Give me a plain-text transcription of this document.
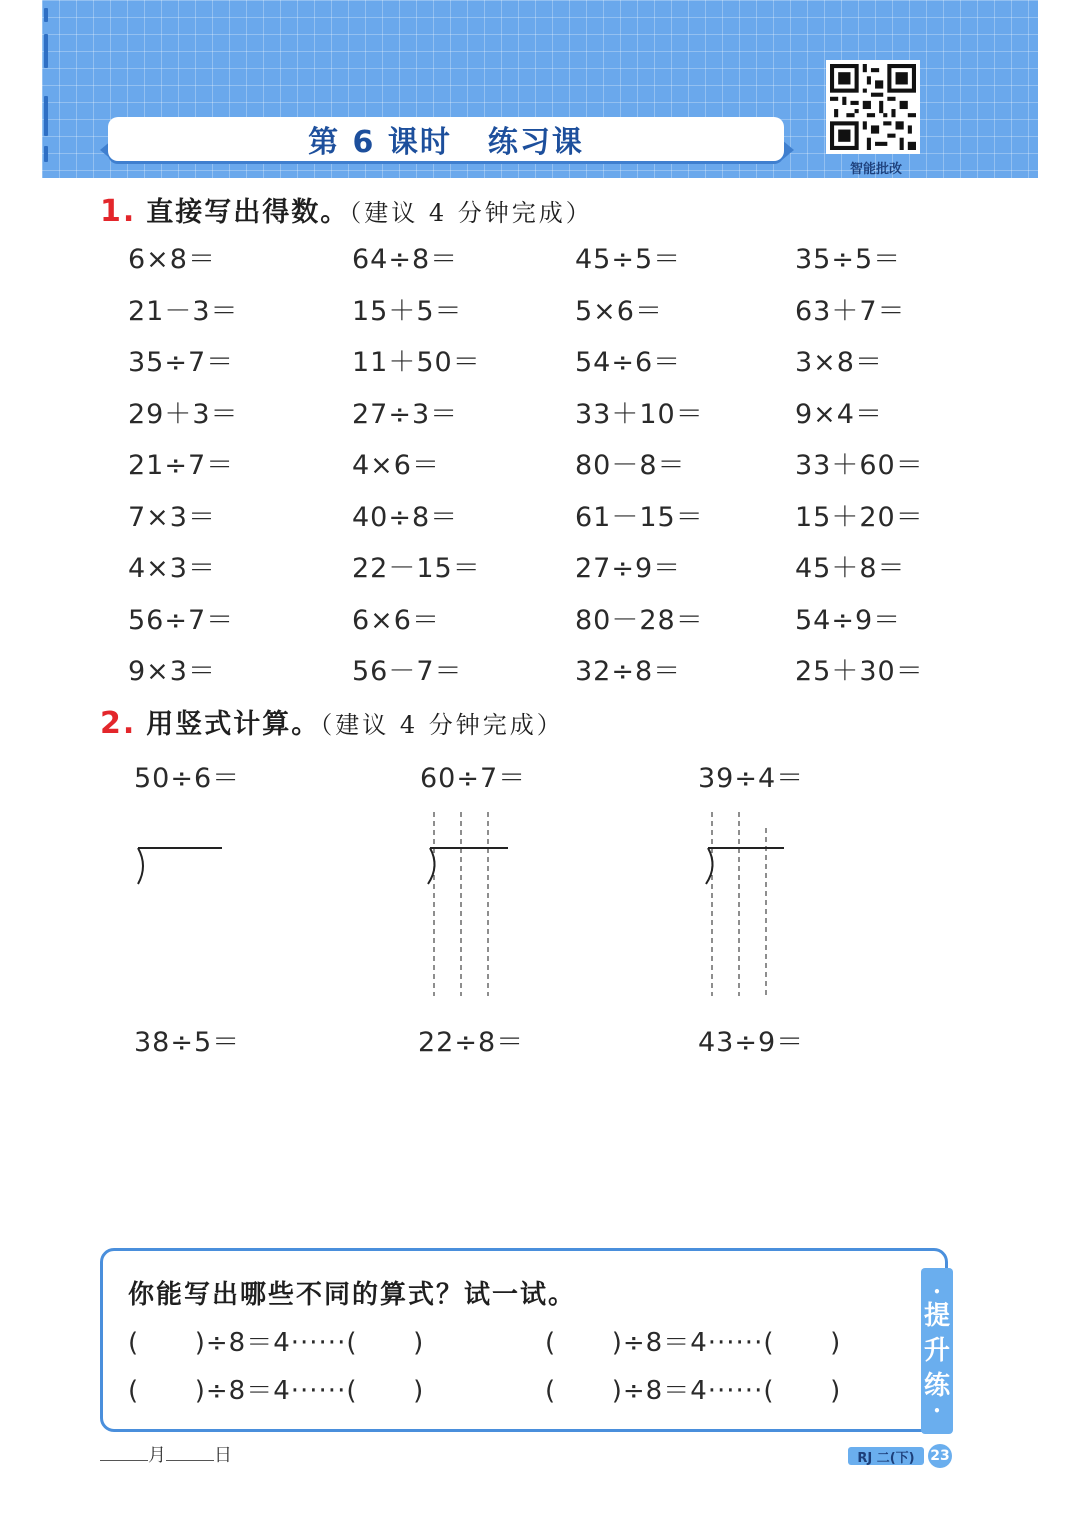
第 6 课时 练习课
智能批改
1. 直接写出得数。（建议 4 分钟完成）
6×8＝	64÷8＝	45÷5＝	35÷5＝
21－3＝	15＋5＝	5×6＝	63＋7＝
35÷7＝	11＋50＝	54÷6＝	3×8＝
29＋3＝	27÷3＝	33＋10＝	9×4＝
21÷7＝	4×6＝	80－8＝	33＋60＝
7×3＝	40÷8＝	61－15＝	15＋20＝
4×3＝	22－15＝	27÷9＝	45＋8＝
56÷7＝	6×6＝	80－28＝	54÷9＝
9×3＝	56－7＝	32÷8＝	25＋30＝
2. 用竖式计算。（建议 4 分钟完成）
50÷6＝	60÷7＝	39÷4＝
38÷5＝	22÷8＝	43÷9＝
•
提
升
练
•
你能写出哪些不同的算式？试一试。
(      )÷8＝4······(      )	(      )÷8＝4······(      )
(      )÷8＝4······(      )	(      )÷8＝4······(      )
月	日	RJ 二(下)	23
